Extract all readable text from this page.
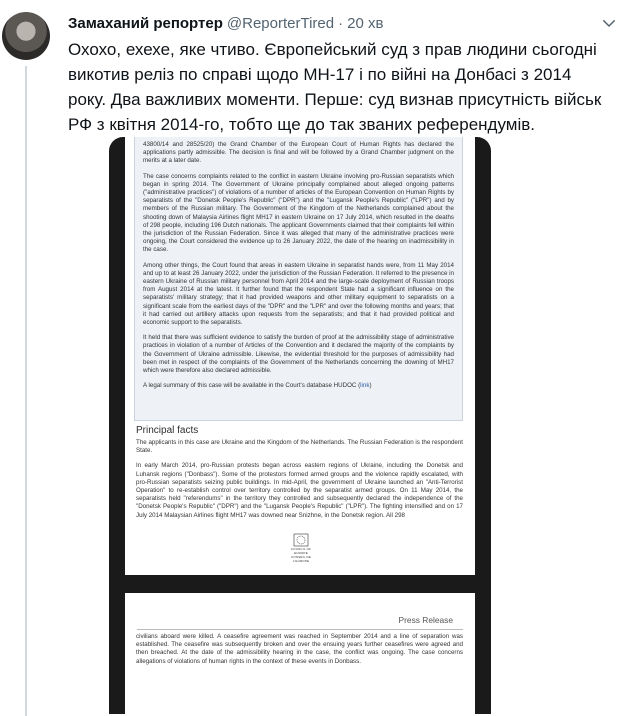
Замаханий репортер @ReporterTired · 20 хв

Охохо, ехехе, яке чтиво. Європейський суд з прав людини сьогодні

викотив реліз по справі щодо МН-17 і по війні на Донбасі з 2014

року. Два важливих моменти. Перше: суд визнав присутність військ

РФ з квітня 2014-го, тобто ще до так званих референдумів.

43800/14 and 28525/20) the Grand Chamber of the European Court of Human Rights has declared the applications partly admissible. The decision is final and will be followed by a Grand Chamber judgment on the merits at a later date.

The case concerns complaints related to the conflict in eastern Ukraine involving pro-Russian separatists which began in spring 2014. The Government of Ukraine principally complained about alleged ongoing patterns ("administrative practices") of violations of a number of articles of the European Convention on Human Rights by separatists of the "Donetsk People's Republic" ("DPR") and the "Lugansk People's Republic" ("LPR") and by members of the Russian military. The Government of the Kingdom of the Netherlands complained about the shooting down of Malaysia Airlines flight MH17 in eastern Ukraine on 17 July 2014, which resulted in the deaths of 298 people, including 196 Dutch nationals. The applicant Governments claimed that their complaints fell within the jurisdiction of the Russian Federation. Since it was alleged that many of the administrative practices were ongoing, the Court considered the evidence up to 26 January 2022, the date of the hearing on inadmissibility in the case.

Among other things, the Court found that areas in eastern Ukraine in separatist hands were, from 11 May 2014 and up to at least 26 January 2022, under the jurisdiction of the Russian Federation. It referred to the presence in eastern Ukraine of Russian military personnel from April 2014 and the large-scale deployment of Russian troops from August 2014 at the latest. It further found that the respondent State had a significant influence on the separatists' military strategy; that it had provided weapons and other military equipment to separatists on a significant scale from the earliest days of the "DPR" and the "LPR" and over the following months and years; that it had carried out artillery attacks upon requests from the separatists; and that it had provided political and economic support to the separatists.

It held that there was sufficient evidence to satisfy the burden of proof at the admissibility stage of administrative practices in violation of a number of Articles of the Convention and it declared the majority of the complaints by the Government of Ukraine admissible. Likewise, the evidential threshold for the purposes of admissibility had been met in respect of the complaints of the Government of the Netherlands concerning the downing of MH17 which were therefore also declared admissible.

A legal summary of this case will be available in the Court's database HUDOC (link)

Principal facts

The applicants in this case are Ukraine and the Kingdom of the Netherlands. The Russian Federation is the respondent State.

In early March 2014, pro-Russian protests began across eastern regions of Ukraine, including the Donetsk and Luhansk regions ("Donbass"). Some of the protestors formed armed groups and the violence rapidly escalated, with pro-Russian separatists seizing public buildings. In mid-April, the government of Ukraine launched an "Anti-Terrorist Operation" to re-establish control over territory controlled by the separatist armed groups. On 11 May 2014, the separatists held "referendums" in the territory they controlled and subsequently declared the independence of the "Donetsk People's Republic" ("DPR") and the "Lugansk People's Republic" ("LPR"). The fighting intensified and on 17 July 2014 Malaysian Airlines flight MH17 was downed near Snizhne, in the Donetsk region. All 298

COUNCIL OF EUROPE
CONSEIL DE L'EUROPE
Press Release

civilians aboard were killed. A ceasefire agreement was reached in September 2014 and a line of separation was established. The ceasefire was subsequently broken and over the ensuing years further ceasefires were agreed and then breached. At the date of the admissibility hearing in the case, the conflict was ongoing. The case concerns allegations of violations of human rights in the context of these events in Donbass.
